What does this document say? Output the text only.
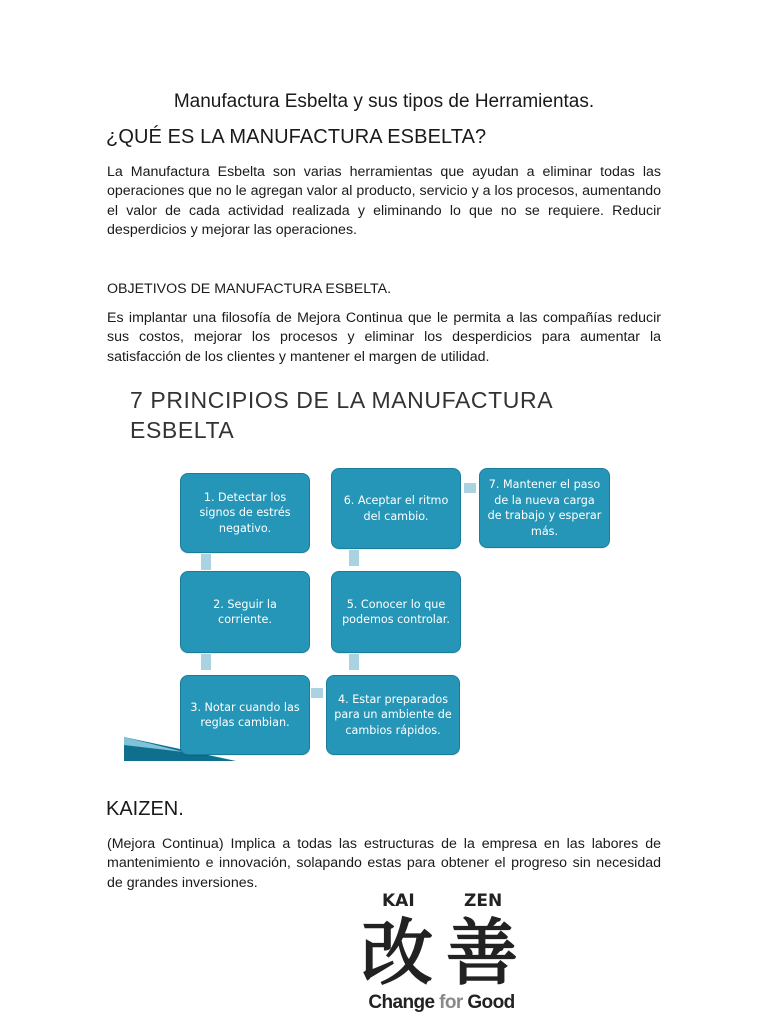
Manufactura Esbelta y sus tipos de Herramientas.
¿QUÉ ES LA MANUFACTURA ESBELTA?

La Manufactura Esbelta son varias herramientas que ayudan a eliminar todas las operaciones que no le agregan valor al producto, servicio y a los procesos, aumentando el valor de cada actividad realizada y eliminando lo que no se requiere. Reducir desperdicios y mejorar las operaciones.

OBJETIVOS DE MANUFACTURA ESBELTA.

Es implantar una filosofía de Mejora Continua que le permita a las compañías reducir sus costos, mejorar los procesos y eliminar los desperdicios para aumentar la satisfacción de los clientes y mantener el margen de utilidad.

7 PRINCIPIOS DE LA MANUFACTURA ESBELTA
1. Detectar los signos de estrés negativo.
2. Seguir la corriente.
3. Notar cuando las reglas cambian.
4. Estar preparados para un ambiente de cambios rápidos.
5. Conocer lo que podemos controlar.
6. Aceptar el ritmo del cambio.
7. Mantener el paso de la nueva carga de trabajo y esperar más.
KAIZEN.

(Mejora Continua) Implica a todas las estructuras de la empresa en las labores de mantenimiento e innovación, solapando estas para obtener el progreso sin necesidad de grandes inversiones.

KAI	ZEN
改 善
Change for Good
